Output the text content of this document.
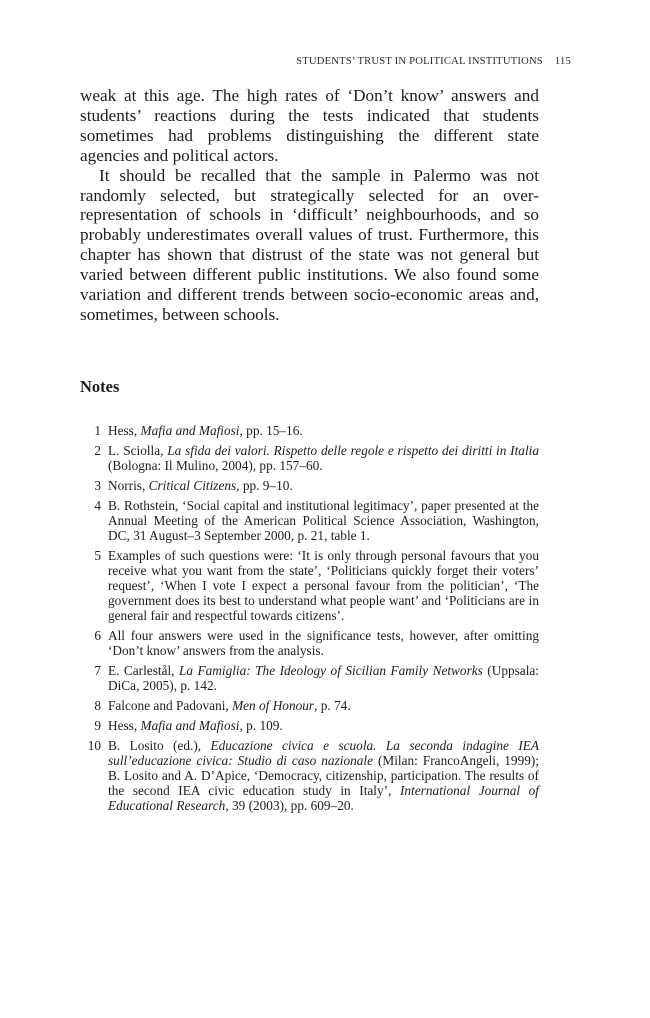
STUDENTS’ TRUST IN POLITICAL INSTITUTIONS 115

weak at this age. The high rates of ‘Don’t know’ answers and students’ reactions during the tests indicated that students sometimes had problems distinguishing the different state agencies and political actors.

It should be recalled that the sample in Palermo was not randomly selected, but strategically selected for an over-representation of schools in ‘difficult’ neighbourhoods, and so probably underestimates overall values of trust. Furthermore, this chapter has shown that distrust of the state was not general but varied between different public institutions. We also found some variation and different trends between socio-economic areas and, sometimes, between schools.

Notes
1 Hess, Mafia and Mafiosi, pp. 15–16.
2 L. Sciolla, La sfida dei valori. Rispetto delle regole e rispetto dei diritti in Italia (Bologna: Il Mulino, 2004), pp. 157–60.
3 Norris, Critical Citizens, pp. 9–10.
4 B. Rothstein, ‘Social capital and institutional legitimacy’, paper presented at the Annual Meeting of the American Political Science Association, Washington, DC, 31 August–3 September 2000, p. 21, table 1.
5 Examples of such questions were: ‘It is only through personal favours that you receive what you want from the state’, ‘Politicians quickly forget their voters’ request’, ‘When I vote I expect a personal favour from the politician’, ‘The government does its best to understand what people want’ and ‘Politicians are in general fair and respectful towards citizens’.
6 All four answers were used in the significance tests, however, after omitting ‘Don’t know’ answers from the analysis.
7 E. Carlestål, La Famiglia: The Ideology of Sicilian Family Networks (Uppsala: DiCa, 2005), p. 142.
8 Falcone and Padovani, Men of Honour, p. 74.
9 Hess, Mafia and Mafiosi, p. 109.
10 B. Losito (ed.), Educazione civica e scuola. La seconda indagine IEA sull’educazione civica: Studio di caso nazionale (Milan: FrancoAngeli, 1999); B. Losito and A. D’Apice, ‘Democracy, citizenship, participation. The results of the second IEA civic education study in Italy’, International Journal of Educational Research, 39 (2003), pp. 609–20.
